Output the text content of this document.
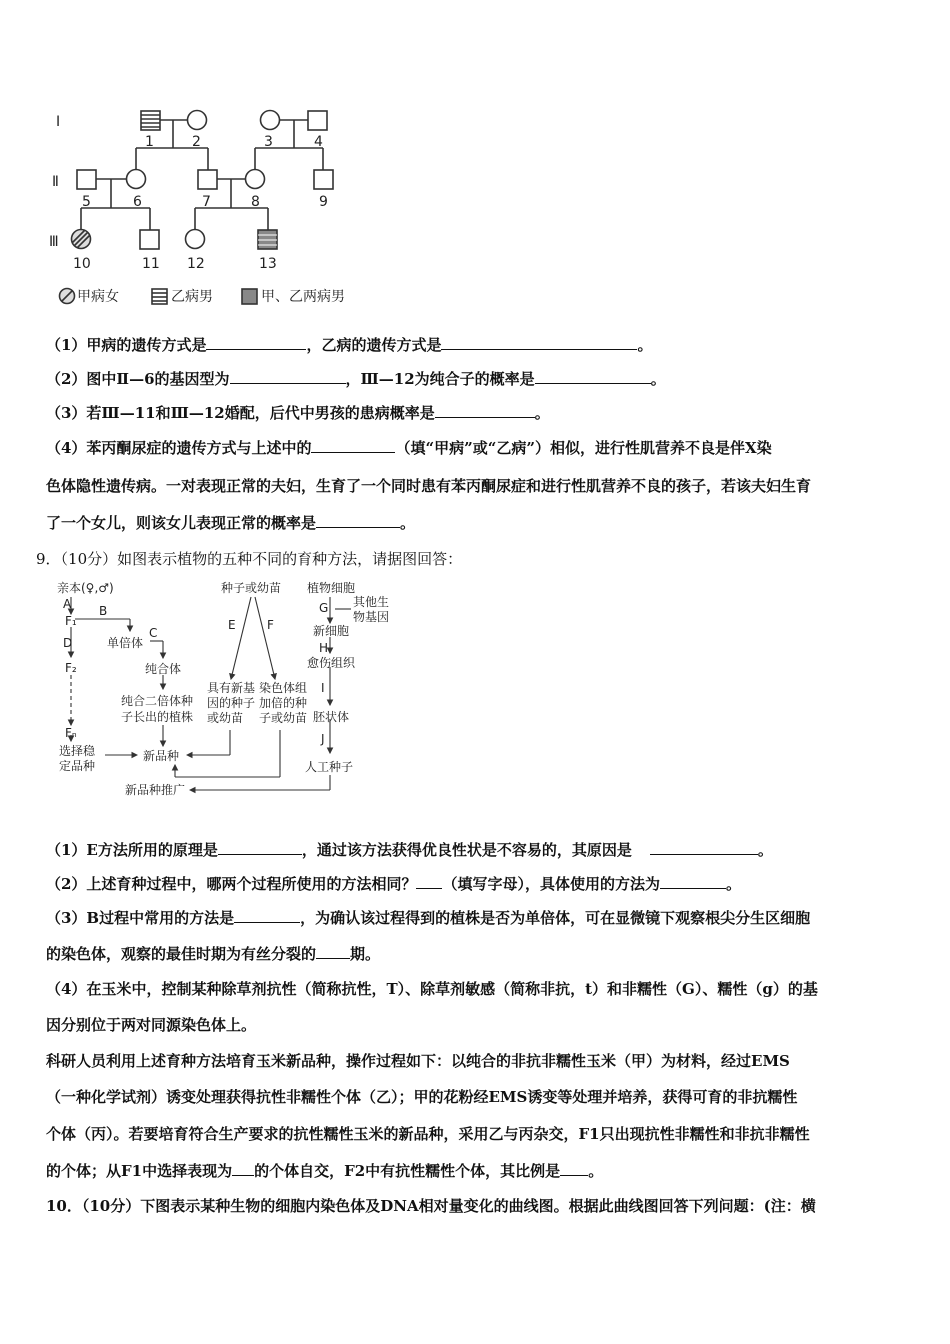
I
Ⅱ
Ⅲ
1	2	3	4
5	6	7	8	9
10	11 12	13
甲病女	乙病男	甲、乙两病男
（1）甲病的遗传方式是	，乙病的遗传方式是	。
（2）图中Ⅱ—6的基因型为	，Ⅲ—12为纯合子的概率是	。
（3）若Ⅲ—11和Ⅲ—12婚配，后代中男孩的患病概率是	。
（4）苯丙酮尿症的遗传方式与上述中的	（填“甲病”或“乙病”）相似，进行性肌营养不良是伴X染
色体隐性遗传病。一对表现正常的夫妇，生育了一个同时患有苯丙酮尿症和进行性肌营养不良的孩子，若该夫妇生育
了一个女儿，则该女儿表现正常的概率是	。
9．（10分）如图表示植物的五种不同的育种方法，请据图回答：
亲本(♀,♂)
A
F₁
B
单倍体
C
D
纯合体
纯合二倍体种
子长出的植株
F₂
Fₙ
选择稳
定品种
新品种
新品种推广
种子或幼苗
E	F
具有新基
因的种子
或幼苗
染色体组
加倍的种
子或幼苗
植物细胞
G 其他生
物基因
新细胞
H
愈伤组织
I
胚状体
J
人工种子
（1）E方法所用的原理是	，通过该方法获得优良性状是不容易的，其原因是	。
（2）上述育种过程中，哪两个过程所使用的方法相同？ （填写字母），具体使用的方法为	。
（3）B过程中常用的方法是	，为确认该过程得到的植株是否为单倍体，可在显微镜下观察根尖分生区细胞
的染色体，观察的最佳时期为有丝分裂的 期。
（4）在玉米中，控制某种除草剂抗性（简称抗性，T）、除草剂敏感（简称非抗，t）和非糯性（G）、糯性（g）的基
因分别位于两对同源染色体上。
科研人员利用上述育种方法培育玉米新品种，操作过程如下：以纯合的非抗非糯性玉米（甲）为材料，经过EMS
（一种化学试剂）诱变处理获得抗性非糯性个体（乙）；甲的花粉经EMS诱变等处理并培养，获得可育的非抗糯性
个体（丙）。若要培育符合生产要求的抗性糯性玉米的新品种，采用乙与丙杂交，F1只出现抗性非糯性和非抗非糯性
的个体；从F1中选择表现为 的个体自交，F2中有抗性糯性个体，其比例是 。
10．（10分）下图表示某种生物的细胞内染色体及DNA相对量变化的曲线图。根据此曲线图回答下列问题：(注：横
